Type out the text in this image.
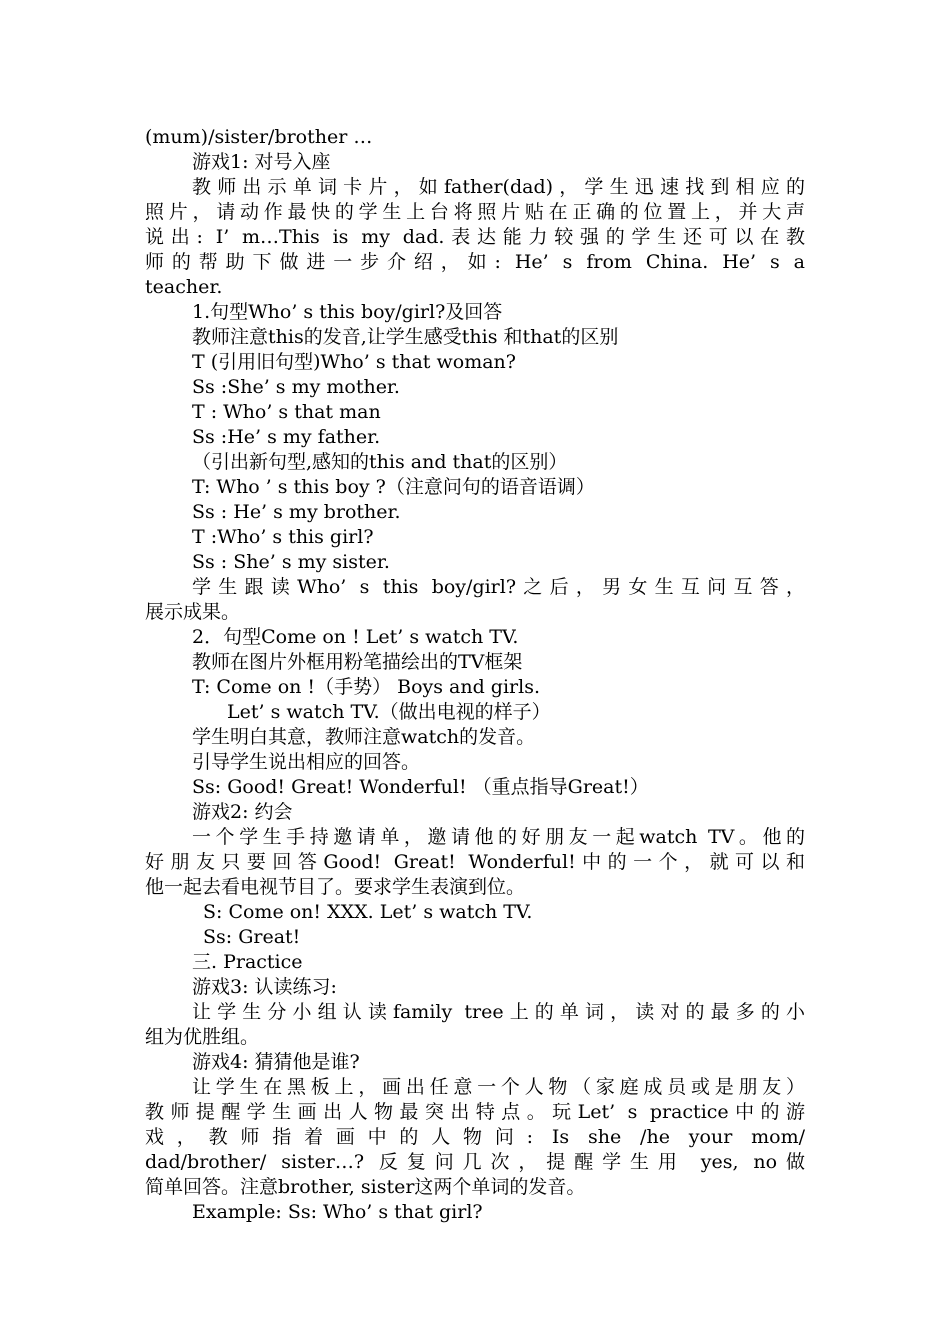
(mum)/sister/brother …
游戏1: 对号入座
教师出示单词卡片，如father(dad)，学生迅速找到相应的
照片，请动作最快的学生上台将照片贴在正确的位置上，并大声
说出: I’ m…This is my dad.表达能力较强的学生还可以在教
师的帮助下做进一步介绍，如: He’ s from China. He’ s a
teacher.
1.句型Who’ s this boy/girl?及回答
教师注意this的发音,让学生感受this 和that的区别
T (引用旧句型)Who’ s that woman?
Ss :She’ s my mother.
T : Who’ s that man
Ss :He’ s my father.
（引出新句型,感知的this and that的区别）
T: Who ’ s this boy ?（注意问句的语音语调）
Ss : He’ s my brother.
T :Who’ s this girl?
Ss : She’ s my sister.
学生跟读Who’ s this boy/girl?之后，男女生互问互答，
展示成果。
2．句型Come on ! Let’ s watch TV.
教师在图片外框用粉笔描绘出的TV框架
T: Come on !（手势） Boys and girls.
Let’ s watch TV.（做出电视的样子）
学生明白其意，教师注意watch的发音。
引导学生说出相应的回答。
Ss: Good! Great! Wonderful! （重点指导Great!）
游戏2: 约会
一个学生手持邀请单，邀请他的好朋友一起watch TV。他的
好朋友只要回答Good! Great! Wonderful!中的一个，就可以和
他一起去看电视节目了。要求学生表演到位。
S: Come on! XXX. Let’ s watch TV.
Ss: Great!
三. Practice
游戏3: 认读练习:
让学生分小组认读family tree上的单词，读对的最多的小
组为优胜组。
游戏4: 猜猜他是谁?
让学生在黑板上，画出任意一个人物（家庭成员或是朋友）
教师提醒学生画出人物最突出特点。玩Let’ s practice中的游
戏，教师指着画中的人物问: Is she /he your mom/
dad/brother/ sister…? 反复问几次，提醒学生用 yes, no做
简单回答。注意brother, sister这两个单词的发音。
Example: Ss: Who’ s that girl?
